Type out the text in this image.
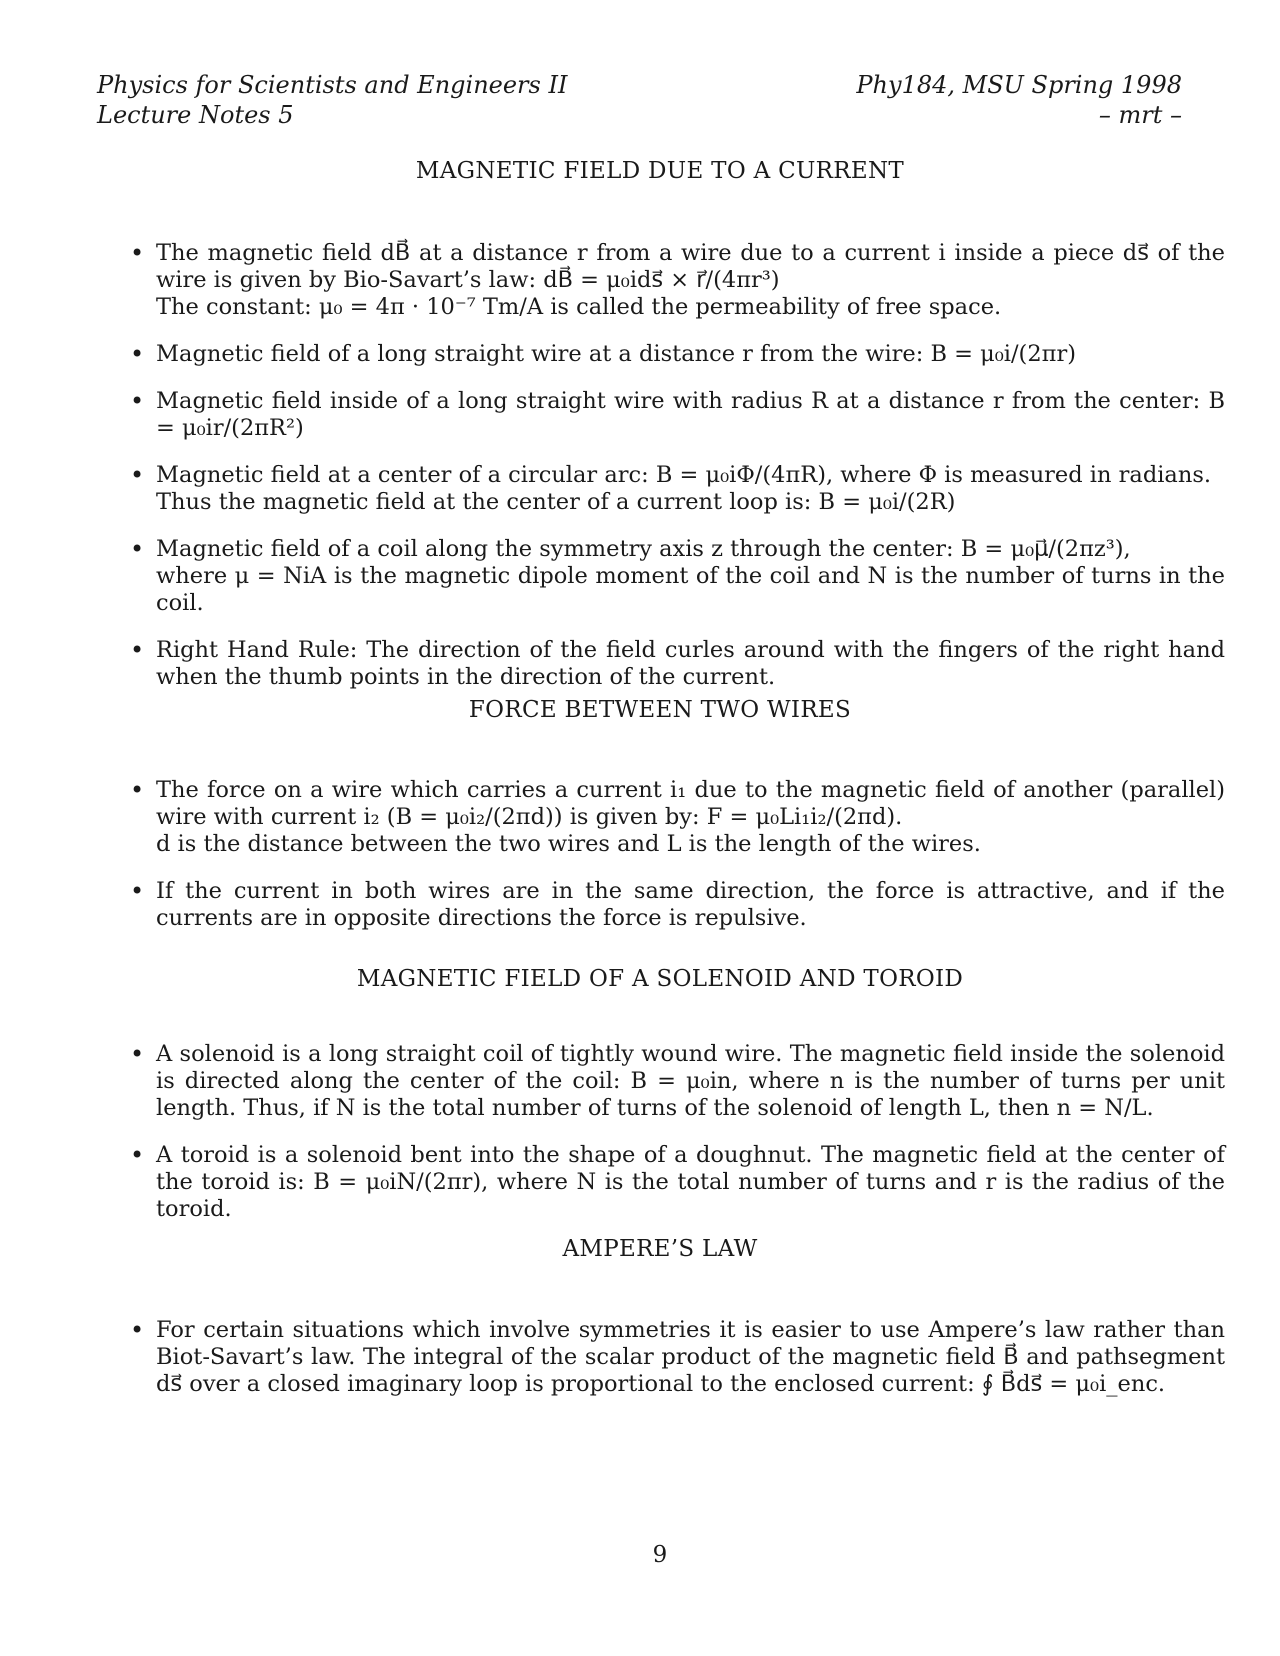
Physics for Scientists and Engineers II
Lecture Notes 5
Phy184, MSU Spring 1998
– mrt –
MAGNETIC FIELD DUE TO A CURRENT
• The magnetic field dB⃗ at a distance r from a wire due to a current i inside a piece ds⃗ of the wire is given by Bio-Savart’s law: dB⃗ = μ₀ids⃗ × r⃗/(4πr³)
The constant: μ₀ = 4π · 10⁻⁷ Tm/A is called the permeability of free space.
• Magnetic field of a long straight wire at a distance r from the wire: B = μ₀i/(2πr)
• Magnetic field inside of a long straight wire with radius R at a distance r from the center: B = μ₀ir/(2πR²)
• Magnetic field at a center of a circular arc: B = μ₀iΦ/(4πR), where Φ is measured in radians.
Thus the magnetic field at the center of a current loop is: B = μ₀i/(2R)
• Magnetic field of a coil along the symmetry axis z through the center: B = μ₀μ⃗/(2πz³),
where μ = NiA is the magnetic dipole moment of the coil and N is the number of turns in the coil.
• Right Hand Rule: The direction of the field curles around with the fingers of the right hand when the thumb points in the direction of the current.
FORCE BETWEEN TWO WIRES
• The force on a wire which carries a current i₁ due to the magnetic field of another (parallel) wire with current i₂ (B = μ₀i₂/(2πd)) is given by: F = μ₀Li₁i₂/(2πd).
d is the distance between the two wires and L is the length of the wires.
• If the current in both wires are in the same direction, the force is attractive, and if the currents are in opposite directions the force is repulsive.
MAGNETIC FIELD OF A SOLENOID AND TOROID
• A solenoid is a long straight coil of tightly wound wire. The magnetic field inside the solenoid is directed along the center of the coil: B = μ₀in, where n is the number of turns per unit length. Thus, if N is the total number of turns of the solenoid of length L, then n = N/L.
• A toroid is a solenoid bent into the shape of a doughnut. The magnetic field at the center of the toroid is: B = μ₀iN/(2πr), where N is the total number of turns and r is the radius of the toroid.
AMPERE’S LAW
• For certain situations which involve symmetries it is easier to use Ampere’s law rather than Biot-Savart’s law. The integral of the scalar product of the magnetic field B⃗ and pathsegment ds⃗ over a closed imaginary loop is proportional to the enclosed current: ∮ B⃗ds⃗ = μ₀i_enc.
9
